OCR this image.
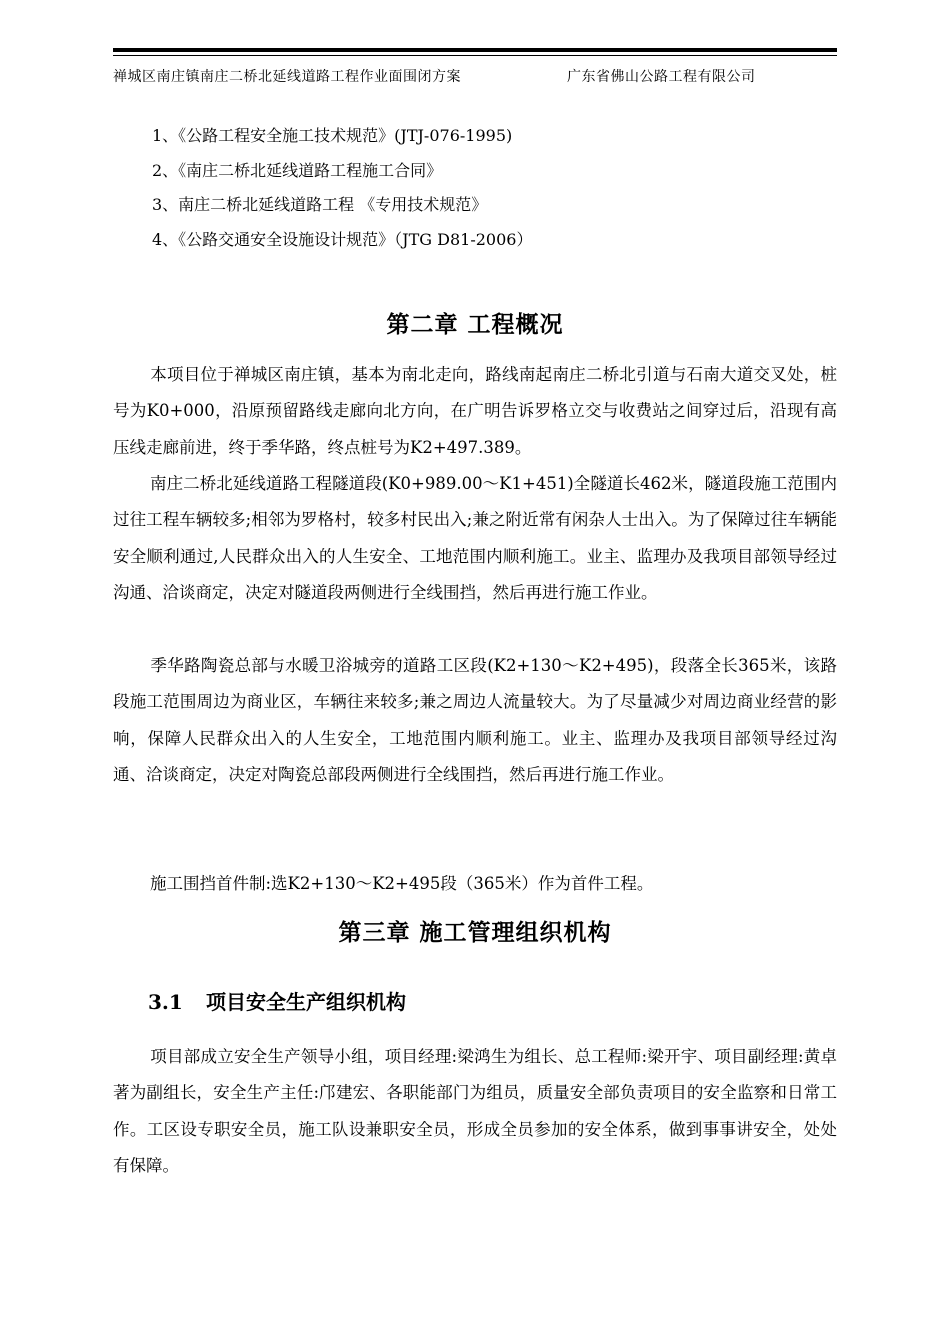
禅城区南庄镇南庄二桥北延线道路工程作业面围闭方案	广东省佛山公路工程有限公司
1、《公路工程安全施工技术规范》(JTJ-076-1995)
2、《南庄二桥北延线道路工程施工合同》
3、南庄二桥北延线道路工程 《专用技术规范》
4、《公路交通安全设施设计规范》（JTG D81-2006）
第二章 工程概况
本项目位于禅城区南庄镇，基本为南北走向，路线南起南庄二桥北引道与石南大道交叉处，桩号为K0+000，沿原预留路线走廊向北方向，在广明告诉罗格立交与收费站之间穿过后，沿现有高压线走廊前进，终于季华路，终点桩号为K2+497.389。
南庄二桥北延线道路工程隧道段(K0+989.00～K1+451)全隧道长462米，隧道段施工范围内过往工程车辆较多;相邻为罗格村，较多村民出入;兼之附近常有闲杂人士出入。为了保障过往车辆能安全顺利通过,人民群众出入的人生安全、工地范围内顺利施工。业主、监理办及我项目部领导经过沟通、洽谈商定，决定对隧道段两侧进行全线围挡，然后再进行施工作业。
季华路陶瓷总部与水暖卫浴城旁的道路工区段(K2+130～K2+495)，段落全长365米，该路段施工范围周边为商业区，车辆往来较多;兼之周边人流量较大。为了尽量减少对周边商业经营的影响，保障人民群众出入的人生安全，工地范围内顺利施工。业主、监理办及我项目部领导经过沟通、洽谈商定，决定对陶瓷总部段两侧进行全线围挡，然后再进行施工作业。
施工围挡首件制:选K2+130～K2+495段（365米）作为首件工程。
第三章 施工管理组织机构
3.1 项目安全生产组织机构
项目部成立安全生产领导小组，项目经理:梁鸿生为组长、总工程师:梁开宇、项目副经理:黄卓著为副组长，安全生产主任:邝建宏、各职能部门为组员，质量安全部负责项目的安全监察和日常工作。工区设专职安全员，施工队设兼职安全员，形成全员参加的安全体系，做到事事讲安全，处处有保障。
